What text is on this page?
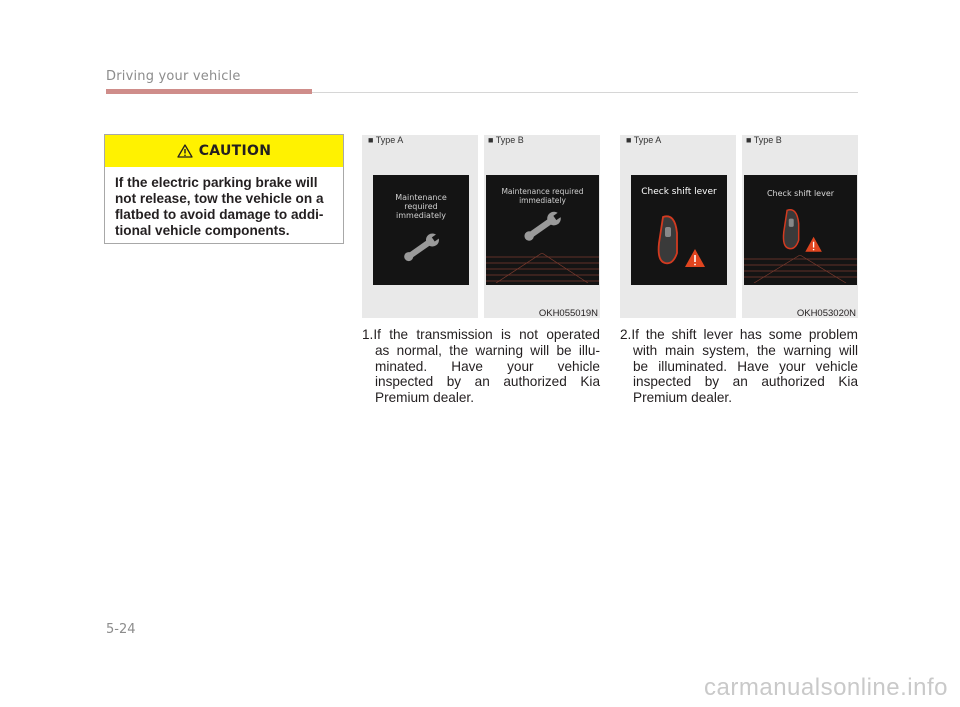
Driving your vehicle
CAUTION
If the electric parking brake will
not release, tow the vehicle on a
flatbed to avoid damage to addi-
tional vehicle components.
■ Type A	■ Type B
Maintenance
required
immediately
Maintenance required
immediately
OKH055019N
■ Type A	■ Type B
Check shift lever	Check shift lever
OKH053020N
1.If the transmission is not operated
as normal, the warning will be illu-
minated. Have your vehicle
inspected by an authorized Kia
Premium dealer.
2.If the shift lever has some problem
with main system, the warning will
be illuminated. Have your vehicle
inspected by an authorized Kia
Premium dealer.
5-24
carmanualsonline.info
